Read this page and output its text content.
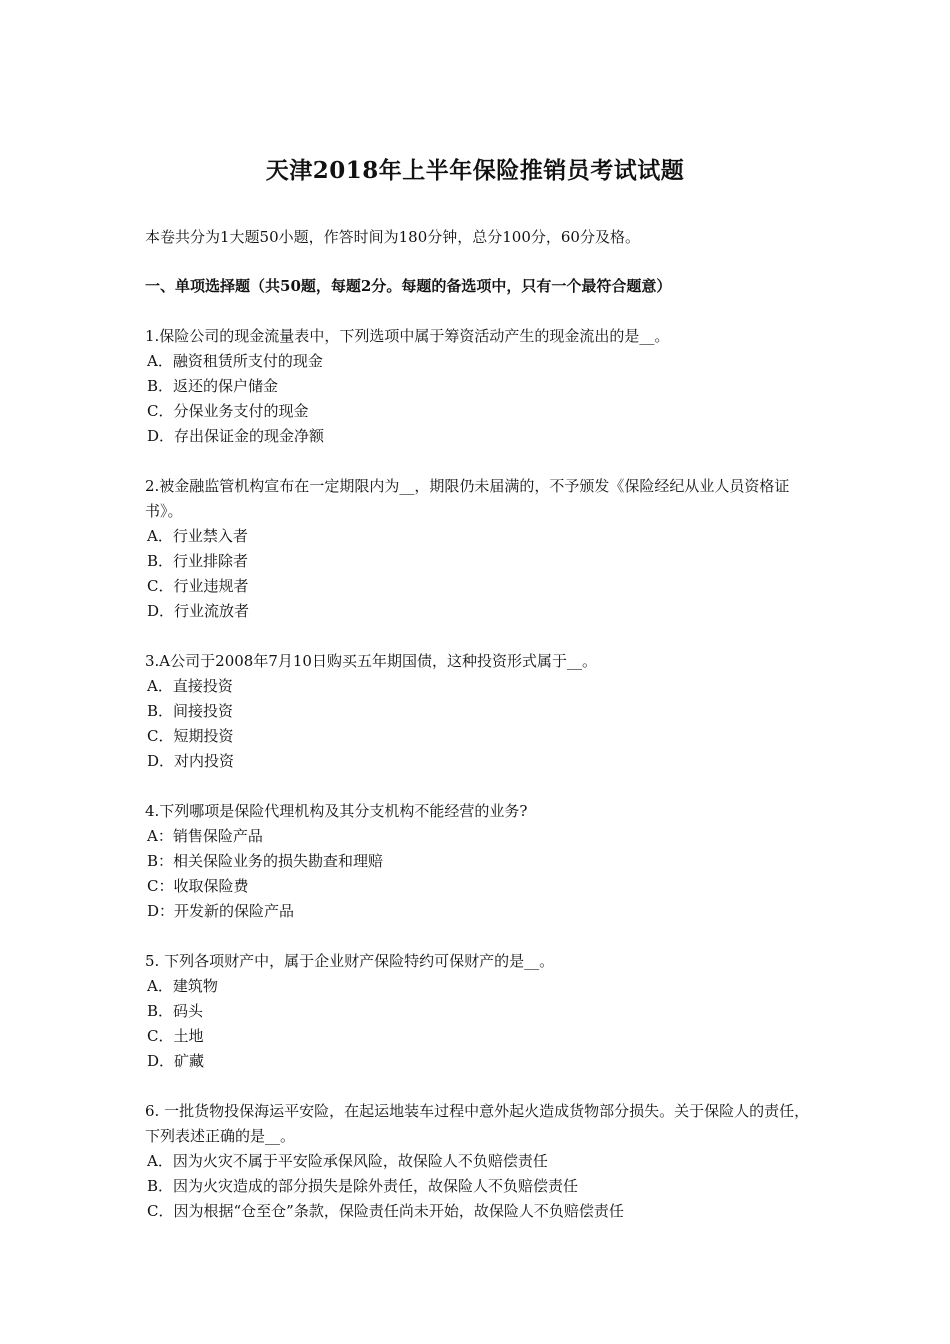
天津2018年上半年保险推销员考试试题
本卷共分为1大题50小题，作答时间为180分钟，总分100分，60分及格。
一、单项选择题（共50题，每题2分。每题的备选项中，只有一个最符合题意）
1.保险公司的现金流量表中，下列选项中属于筹资活动产生的现金流出的是__。
A．融资租赁所支付的现金
B．返还的保户储金
C．分保业务支付的现金
D．存出保证金的现金净额
2.被金融监管机构宣布在一定期限内为__，期限仍未届满的，不予颁发《保险经纪从业人员资格证书》。
A．行业禁入者
B．行业排除者
C．行业违规者
D．行业流放者
3.A公司于2008年7月10日购买五年期国债，这种投资形式属于__。
A．直接投资
B．间接投资
C．短期投资
D．对内投资
4.下列哪项是保险代理机构及其分支机构不能经营的业务?
A：销售保险产品
B：相关保险业务的损失勘查和理赔
C：收取保险费
D：开发新的保险产品
5. 下列各项财产中，属于企业财产保险特约可保财产的是__。
A．建筑物
B．码头
C．土地
D．矿藏
6. 一批货物投保海运平安险，在起运地装车过程中意外起火造成货物部分损失。关于保险人的责任，下列表述正确的是__。
A．因为火灾不属于平安险承保风险，故保险人不负赔偿责任
B．因为火灾造成的部分损失是除外责任，故保险人不负赔偿责任
C．因为根据“仓至仓”条款，保险责任尚未开始，故保险人不负赔偿责任
